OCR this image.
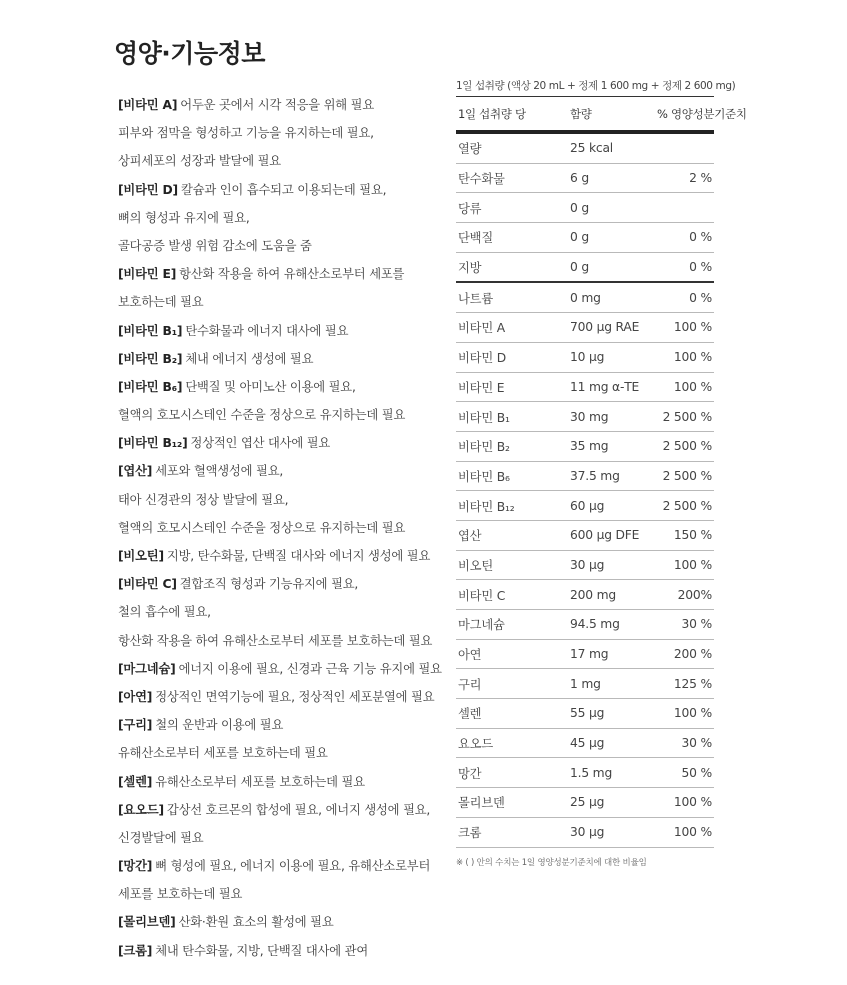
영양·기능정보
[비타민 A] 어두운 곳에서 시각 적응을 위해 필요
피부와 점막을 형성하고 기능을 유지하는데 필요,
상피세포의 성장과 발달에 필요
[비타민 D] 칼슘과 인이 흡수되고 이용되는데 필요,
뼈의 형성과 유지에 필요,
골다공증 발생 위험 감소에 도움을 줌
[비타민 E] 항산화 작용을 하여 유해산소로부터 세포를
보호하는데 필요
[비타민 B₁] 탄수화물과 에너지 대사에 필요
[비타민 B₂] 체내 에너지 생성에 필요
[비타민 B₆] 단백질 및 아미노산 이용에 필요,
혈액의 호모시스테인 수준을 정상으로 유지하는데 필요
[비타민 B₁₂] 정상적인 엽산 대사에 필요
[엽산] 세포와 혈액생성에 필요,
태아 신경관의 정상 발달에 필요,
혈액의 호모시스테인 수준을 정상으로 유지하는데 필요
[비오틴] 지방, 탄수화물, 단백질 대사와 에너지 생성에 필요
[비타민 C] 결합조직 형성과 기능유지에 필요,
철의 흡수에 필요,
항산화 작용을 하여 유해산소로부터 세포를 보호하는데 필요
[마그네슘] 에너지 이용에 필요, 신경과 근육 기능 유지에 필요
[아연] 정상적인 면역기능에 필요, 정상적인 세포분열에 필요
[구리] 철의 운반과 이용에 필요
유해산소로부터 세포를 보호하는데 필요
[셀렌] 유해산소로부터 세포를 보호하는데 필요
[요오드] 갑상선 호르몬의 합성에 필요, 에너지 생성에 필요,
신경발달에 필요
[망간] 뼈 형성에 필요, 에너지 이용에 필요, 유해산소로부터
세포를 보호하는데 필요
[몰리브덴] 산화·환원 효소의 활성에 필요
[크롬] 체내 탄수화물, 지방, 단백질 대사에 관여
1일 섭취량 (액상 20 mL + 정제 1 600 mg + 정제 2 600 mg)
1일 섭취량 당	함량	% 영양성분기준치
열량	25 kcal	
탄수화물	6 g	2 %
당류	0 g	
단백질	0 g	0 %
지방	0 g	0 %
나트륨	0 mg	0 %
비타민 A	700 µg RAE	100 %
비타민 D	10 µg	100 %
비타민 E	11 mg α-TE	100 %
비타민 B₁	30 mg	2 500 %
비타민 B₂	35 mg	2 500 %
비타민 B₆	37.5 mg	2 500 %
비타민 B₁₂	60 µg	2 500 %
엽산	600 µg DFE	150 %
비오틴	30 µg	100 %
비타민 C	200 mg	200%
마그네슘	94.5 mg	30 %
아연	17 mg	200 %
구리	1 mg	125 %
셀렌	55 µg	100 %
요오드	45 µg	30 %
망간	1.5 mg	50 %
몰리브덴	25 µg	100 %
크롬	30 µg	100 %
※ ( ) 안의 수치는 1일 영양성분기준치에 대한 비율임
